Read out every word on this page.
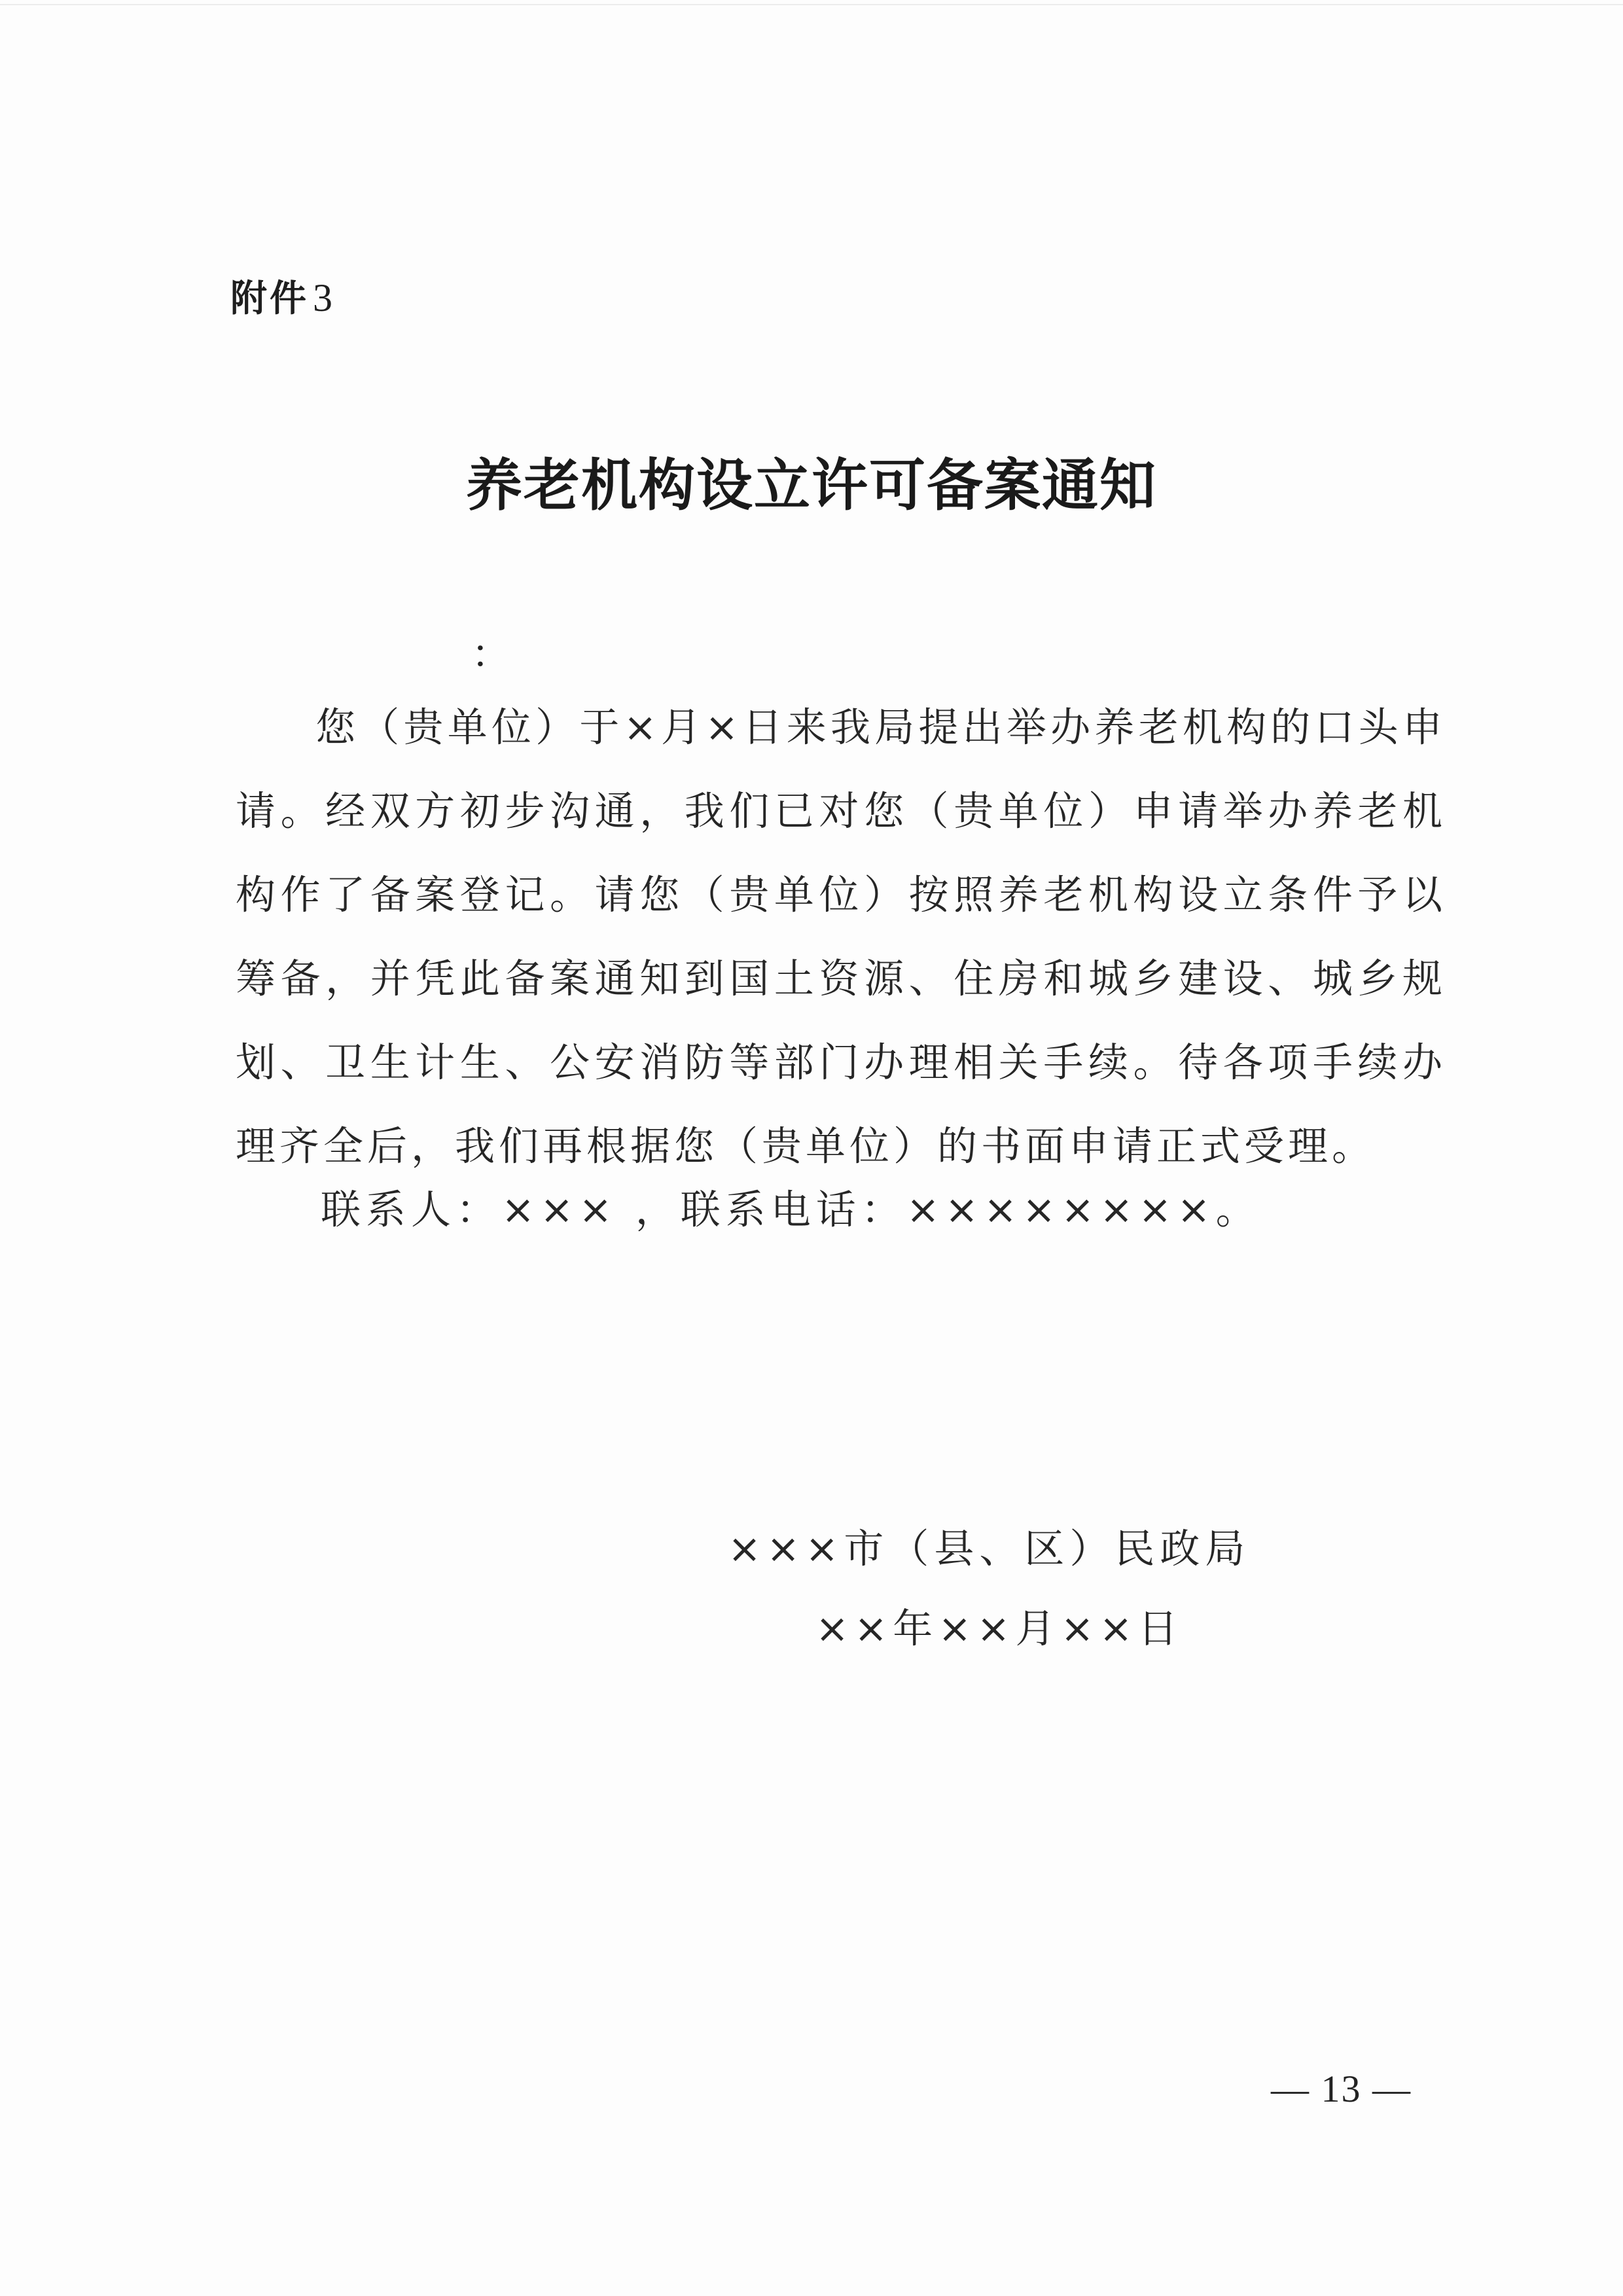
附件 3
养老机构设立许可备案通知
：

您（贵单位）于×月×日来我局提出举办养老机构的口头申请。经双方初步沟通，我们已对您（贵单位）申请举办养老机构作了备案登记。请您（贵单位）按照养老机构设立条件予以筹备，并凭此备案通知到国土资源、住房和城乡建设、城乡规划、卫生计生、公安消防等部门办理相关手续。待各项手续办理齐全后，我们再根据您（贵单位）的书面申请正式受理。

联系人：××× ，联系电话：××××××××。
×××市（县、区）民政局
××年××月××日
— 13 —
